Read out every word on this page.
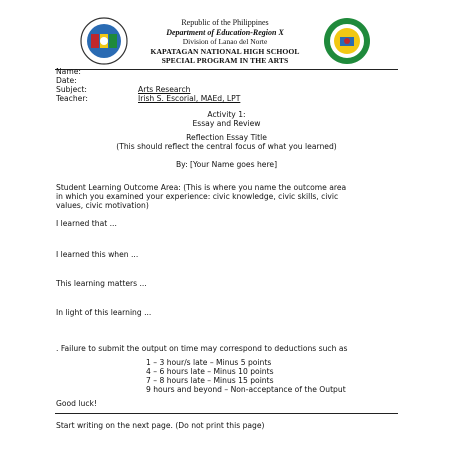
Republic of the Philippines
Department of Education-Region X
Division of Lanao del Norte
KAPATAGAN NATIONAL HIGH SCHOOL
SPECIAL PROGRAM IN THE ARTS
Name:
Date:
Subject:	Arts Research
Teacher:	Irish S. Escorial, MAEd, LPT
Activity 1:
Essay and Review
Reflection Essay Title
(This should reflect the central focus of what you learned)
By: [Your Name goes here]
Student Learning Outcome Area: (This is where you name the outcome area
in which you examined your experience: civic knowledge, civic skills, civic
values, civic motivation)
I learned that ...
I learned this when ...
This learning matters ...
In light of this learning ...
. Failure to submit the output on time may correspond to deductions such as
1 – 3 hour/s late – Minus 5 points
4 – 6 hours late – Minus 10 points
7 – 8 hours late – Minus 15 points
9 hours and beyond – Non-acceptance of the Output
Good luck!
Start writing on the next page. (Do not print this page)
